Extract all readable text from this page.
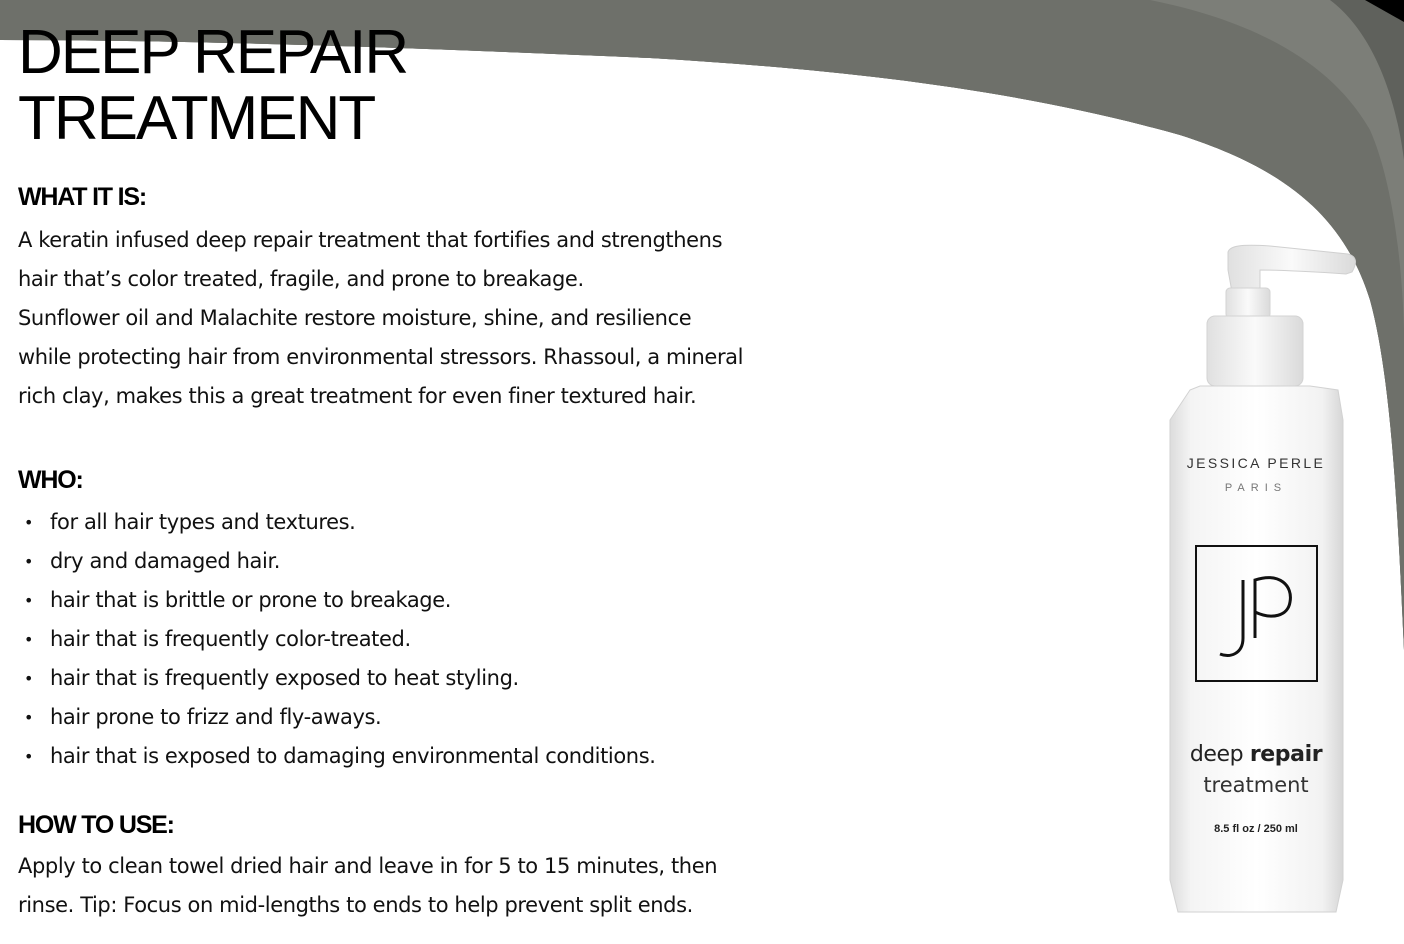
DEEP REPAIR
TREATMENT
WHAT IT IS:
A keratin infused deep repair treatment that fortifies and strengthens
hair that’s color treated, fragile, and prone to breakage.
Sunflower oil and Malachite restore moisture, shine, and resilience
while protecting hair from environmental stressors. Rhassoul, a mineral
rich clay, makes this a great treatment for even finer textured hair.
WHO:
• for all hair types and textures.
• dry and damaged hair.
• hair that is brittle or prone to breakage.
• hair that is frequently color-treated.
• hair that is frequently exposed to heat styling.
• hair prone to frizz and fly-aways.
• hair that is exposed to damaging environmental conditions.
HOW TO USE:
Apply to clean towel dried hair and leave in for 5 to 15 minutes, then
rinse. Tip: Focus on mid-lengths to ends to help prevent split ends.
JESSICA PERLE
PARIS
deep repair
treatment
8.5 fl oz / 250 ml
